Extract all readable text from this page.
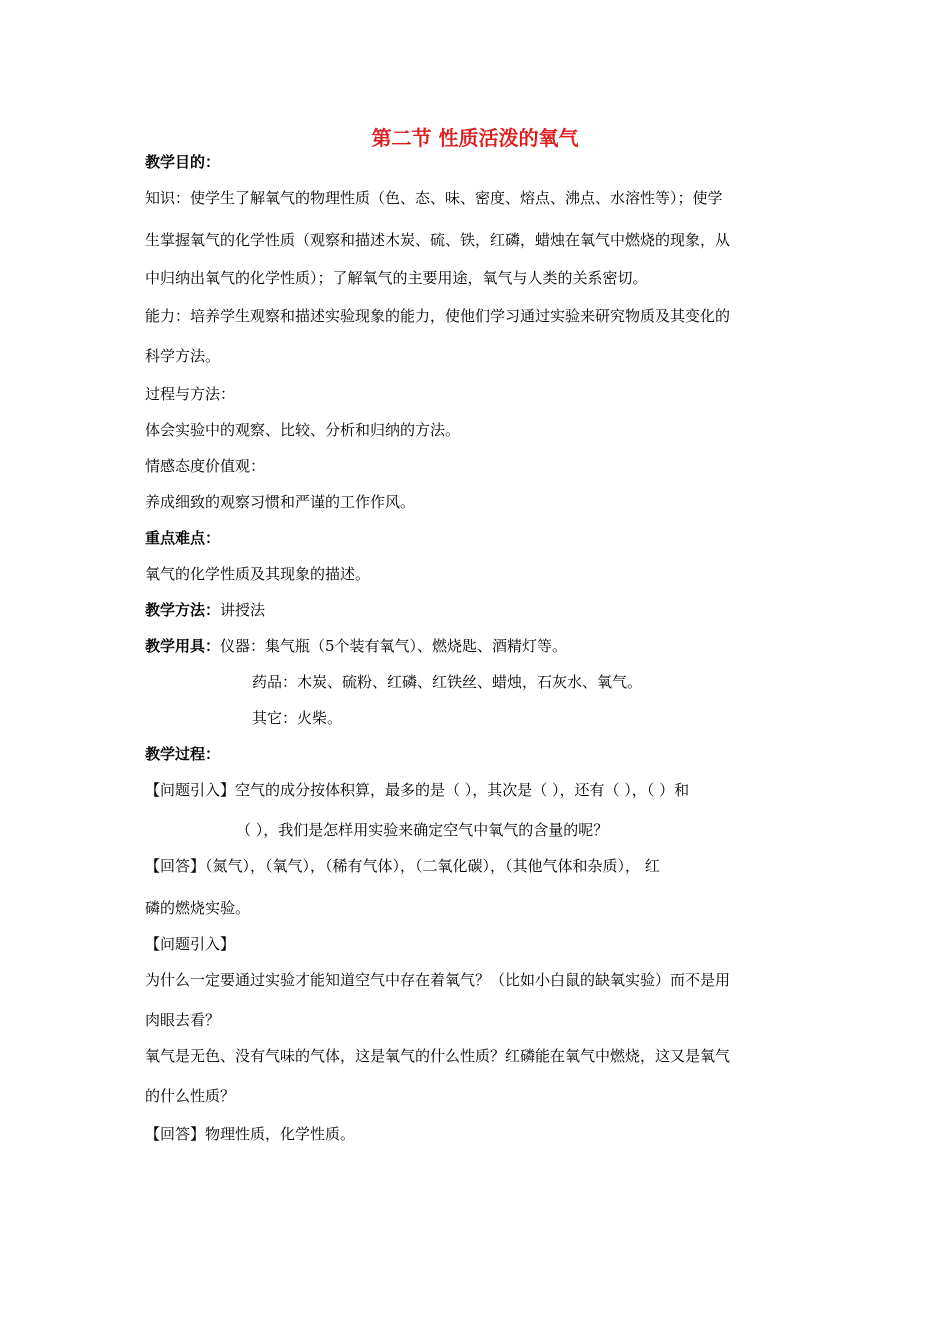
第二节 性质活泼的氧气
教学目的：
知识：使学生了解氧气的物理性质（色、态、味、密度、熔点、沸点、水溶性等）；使学
生掌握氧气的化学性质（观察和描述木炭、硫、铁，红磷，蜡烛在氧气中燃烧的现象，从
中归纳出氧气的化学性质）；了解氧气的主要用途，氧气与人类的关系密切。
能力：培养学生观察和描述实验现象的能力，使他们学习通过实验来研究物质及其变化的
科学方法。
过程与方法：
体会实验中的观察、比较、分析和归纳的方法。
情感态度价值观：
养成细致的观察习惯和严谨的工作作风。
重点难点：
氧气的化学性质及其现象的描述。
教学方法：讲授法
教学用具：仪器：集气瓶（5个装有氧气）、燃烧匙、酒精灯等。
药品：木炭、硫粉、红磷、红铁丝、蜡烛，石灰水、氧气。
其它：火柴。
教学过程：
【问题引入】空气的成分按体积算，最多的是（ ），其次是（ ），还有（ ），（ ）和
（ ），我们是怎样用实验来确定空气中氧气的含量的呢？
【回答】（氮气），（氧气），（稀有气体），（二氧化碳），（其他气体和杂质）， 红
磷的燃烧实验。
【问题引入】
为什么一定要通过实验才能知道空气中存在着氧气？（比如小白鼠的缺氧实验）而不是用
肉眼去看？
氧气是无色、没有气味的气体，这是氧气的什么性质？红磷能在氧气中燃烧，这又是氧气
的什么性质？
【回答】物理性质，化学性质。
